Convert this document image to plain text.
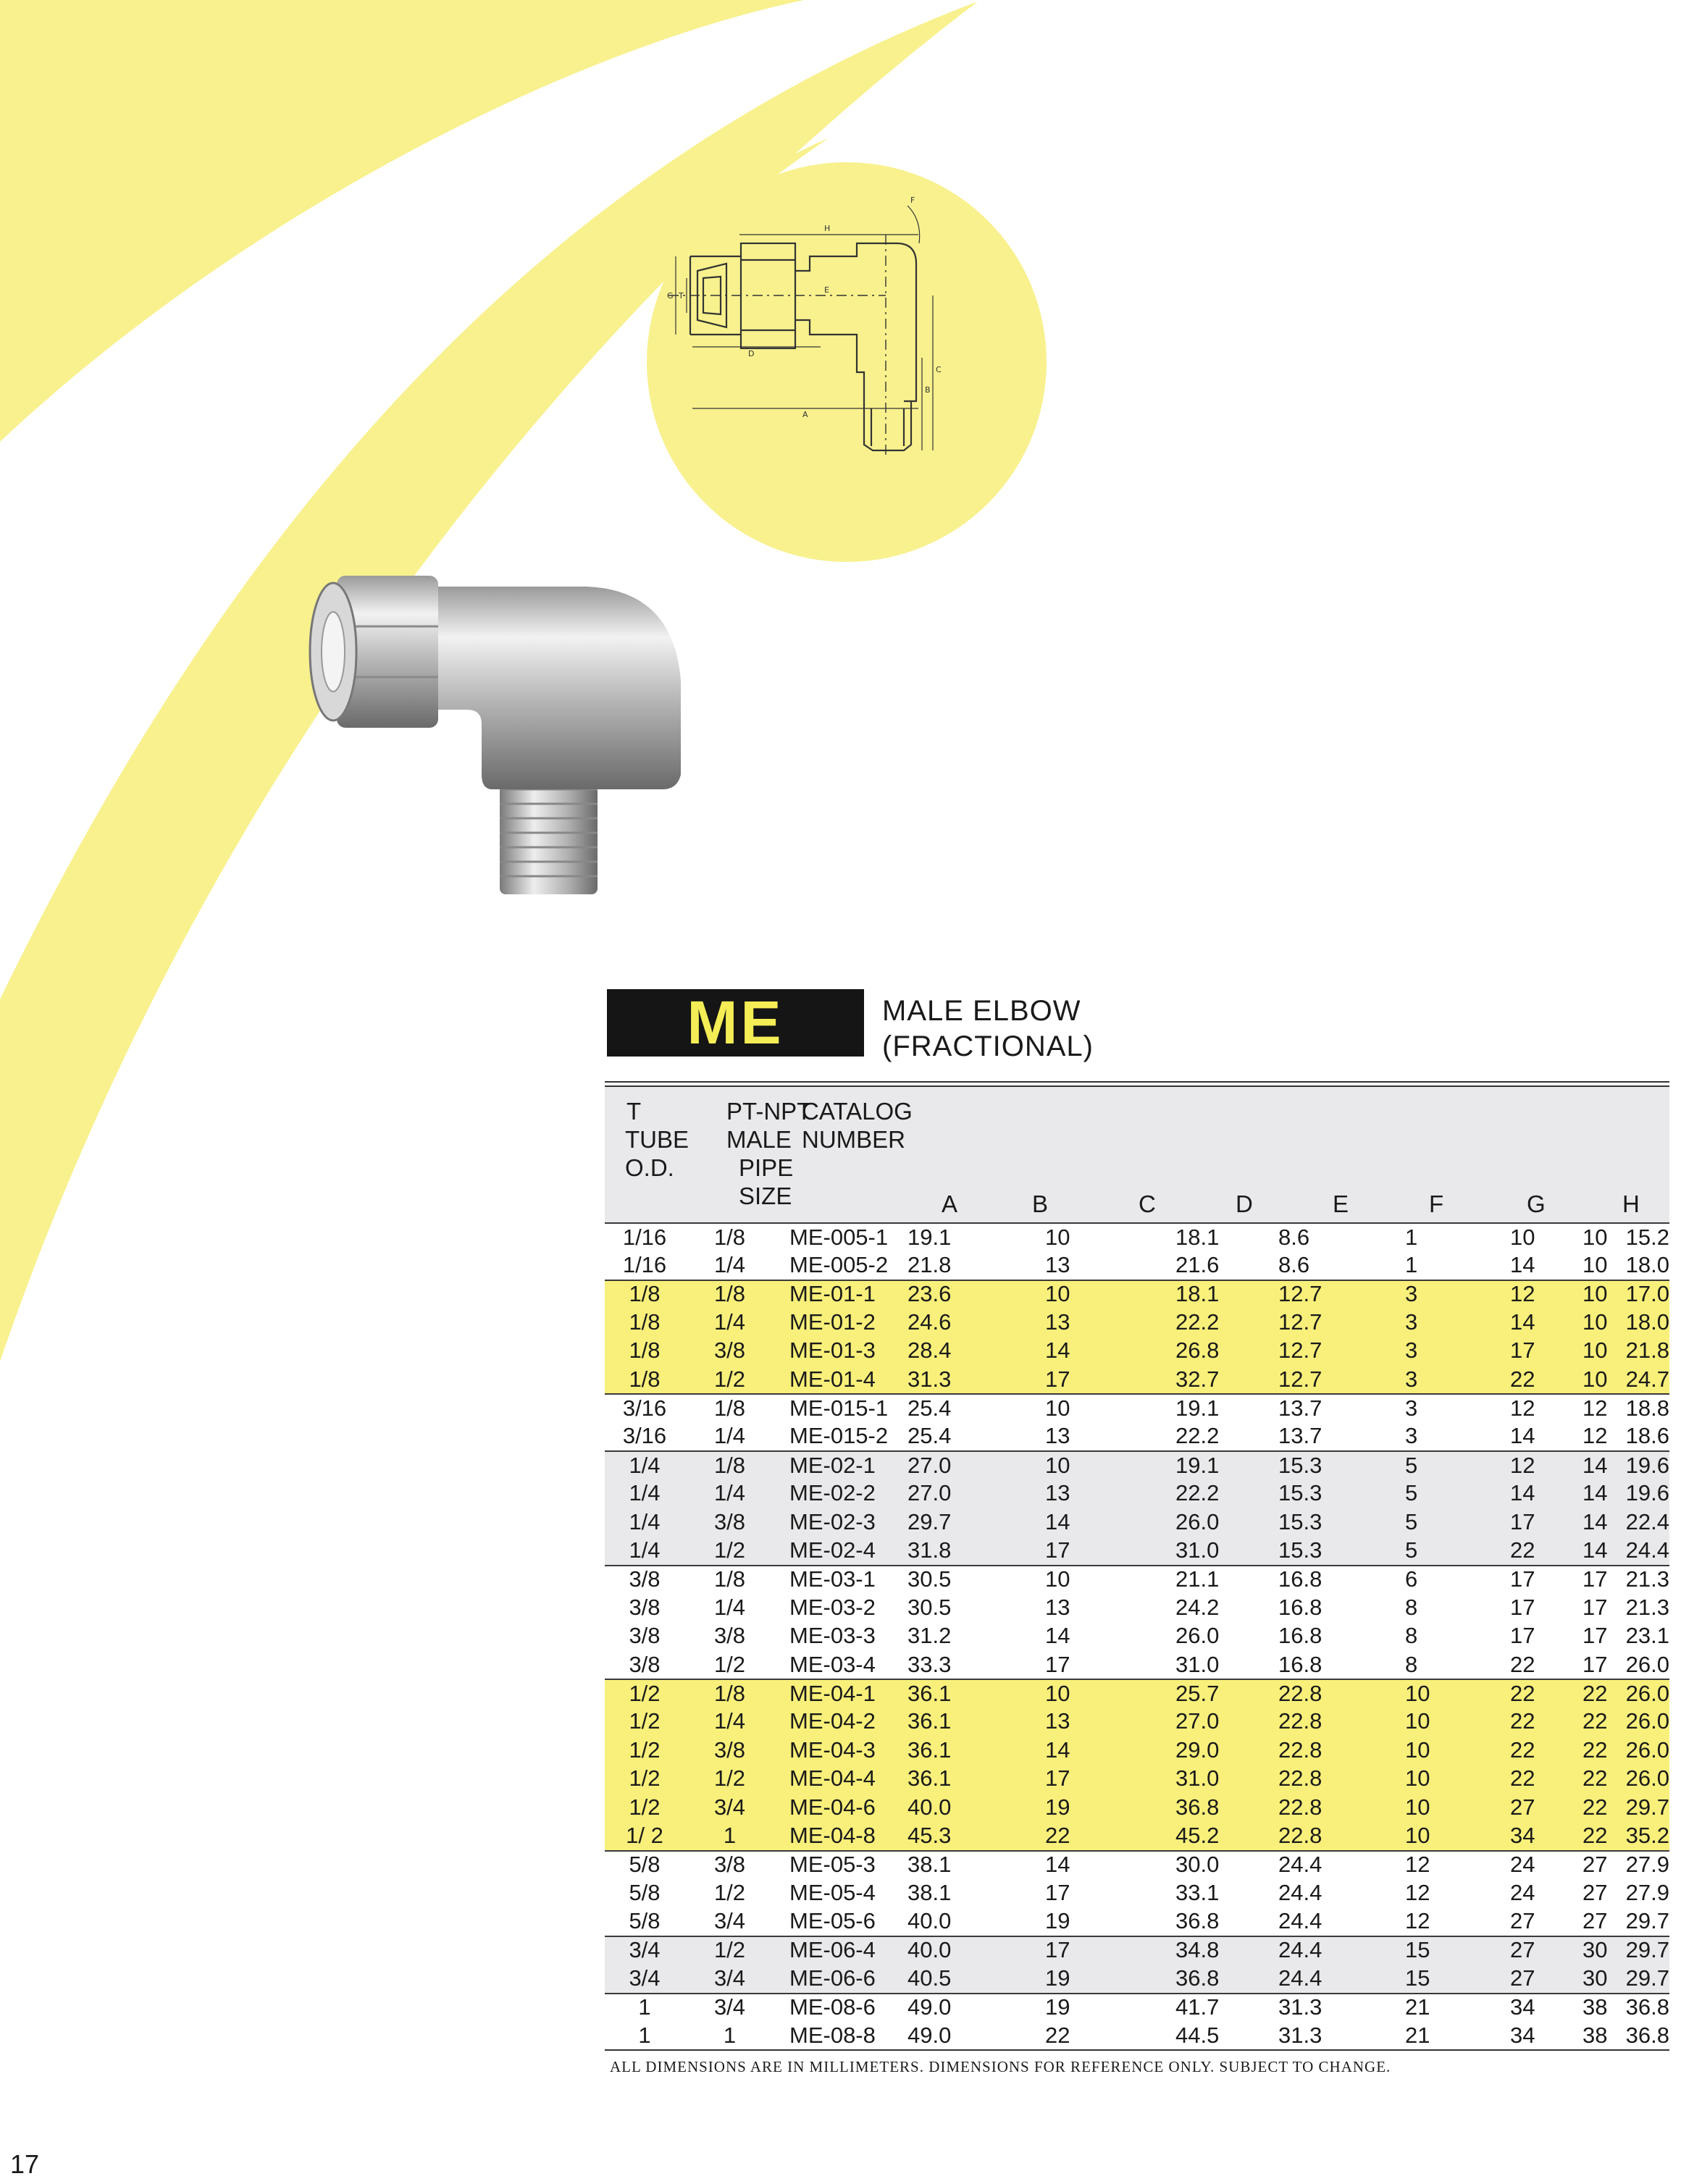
H
F
G T
E
D
C
B
A
ME	MALE ELBOW
(FRACTIONAL)
T
TUBE
O.D.
PT-NPT
MALE
PIPE
SIZE
CATALOG
NUMBER
A	B	C	D	E	F	G	H
1/16	1/8	ME-005-1 19.1	10	18.1	8.6	1	10	10 15.2
1/16	1/4	ME-005-2 21.8	13	21.6	8.6	1	14	10 18.0
1/8	1/8	ME-01-1	23.6	10	18.1	12.7	3	12	10 17.0
1/8	1/4	ME-01-2	24.6	13	22.2	12.7	3	14	10 18.0
1/8	3/8	ME-01-3	28.4	14	26.8	12.7	3	17	10 21.8
1/8	1/2	ME-01-4	31.3	17	32.7	12.7	3	22	10 24.7
3/16	1/8	ME-015-1 25.4	10	19.1	13.7	3	12	12 18.8
3/16	1/4	ME-015-2 25.4	13	22.2	13.7	3	14	12 18.6
1/4	1/8	ME-02-1	27.0	10	19.1	15.3	5	12	14 19.6
1/4	1/4	ME-02-2	27.0	13	22.2	15.3	5	14	14 19.6
1/4	3/8	ME-02-3	29.7	14	26.0	15.3	5	17	14 22.4
1/4	1/2	ME-02-4	31.8	17	31.0	15.3	5	22	14 24.4
3/8	1/8	ME-03-1	30.5	10	21.1	16.8	6	17	17 21.3
3/8	1/4	ME-03-2	30.5	13	24.2	16.8	8	17	17 21.3
3/8	3/8	ME-03-3	31.2	14	26.0	16.8	8	17	17 23.1
3/8	1/2	ME-03-4	33.3	17	31.0	16.8	8	22	17 26.0
1/2	1/8	ME-04-1	36.1	10	25.7	22.8	10	22	22 26.0
1/2	1/4	ME-04-2	36.1	13	27.0	22.8	10	22	22 26.0
1/2	3/8	ME-04-3	36.1	14	29.0	22.8	10	22	22 26.0
1/2	1/2	ME-04-4	36.1	17	31.0	22.8	10	22	22 26.0
1/2	3/4	ME-04-6	40.0	19	36.8	22.8	10	27	22 29.7
1/ 2	1	ME-04-8	45.3	22	45.2	22.8	10	34	22 35.2
5/8	3/8	ME-05-3	38.1	14	30.0	24.4	12	24	27 27.9
5/8	1/2	ME-05-4	38.1	17	33.1	24.4	12	24	27 27.9
5/8	3/4	ME-05-6	40.0	19	36.8	24.4	12	27	27 29.7
3/4	1/2	ME-06-4	40.0	17	34.8	24.4	15	27	30 29.7
3/4	3/4	ME-06-6	40.5	19	36.8	24.4	15	27	30 29.7
1	3/4	ME-08-6	49.0	19	41.7	31.3	21	34	38 36.8
1	1	ME-08-8	49.0	22	44.5	31.3	21	34	38 36.8
ALL DIMENSIONS ARE IN MILLIMETERS. DIMENSIONS FOR REFERENCE ONLY. SUBJECT TO CHANGE.
17
